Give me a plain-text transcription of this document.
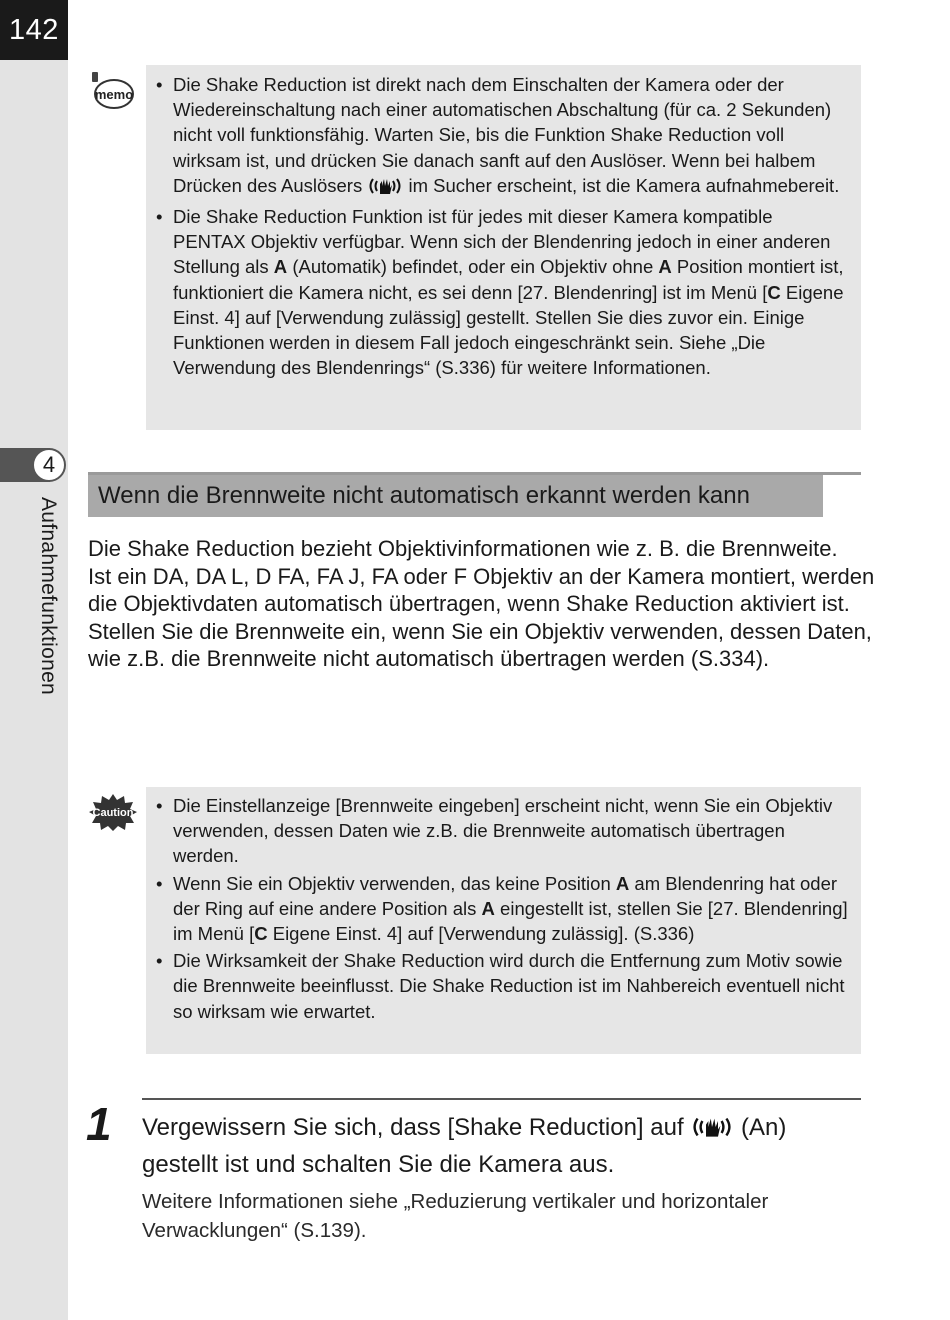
142
4
Aufnahmefunktionen
memo	• Die Shake Reduction ist direkt nach dem Einschalten der Kamera oder der Wiedereinschaltung nach einer automatischen Abschaltung (für ca. 2 Sekunden) nicht voll funktionsfähig. Warten Sie, bis die Funktion Shake Reduction voll wirksam ist, und drücken Sie danach sanft auf den Auslöser. Wenn bei halbem Drücken des Auslösers	im Sucher erscheint, ist die Kamera aufnahmebereit.
• Die Shake Reduction Funktion ist für jedes mit dieser Kamera kompatible PENTAX Objektiv verfügbar. Wenn sich der Blendenring jedoch in einer anderen Stellung als A (Automatik) befindet, oder ein Objektiv ohne A Position montiert ist, funktioniert die Kamera nicht, es sei denn [27. Blendenring] ist im Menü [C Eigene Einst. 4] auf [Verwendung zulässig] gestellt. Stellen Sie dies zuvor ein. Einige Funktionen werden in diesem Fall jedoch eingeschränkt sein. Siehe „Die Verwendung des Blendenrings“ (S.336) für weitere Informationen.
Wenn die Brennweite nicht automatisch erkannt werden kann

Die Shake Reduction bezieht Objektivinformationen wie z. B. die Brennweite.

Ist ein DA, DA L, D FA, FA J, FA oder F Objektiv an der Kamera montiert, werden die Objektivdaten automatisch übertragen, wenn Shake Reduction aktiviert ist.

Stellen Sie die Brennweite ein, wenn Sie ein Objektiv verwenden, dessen Daten, wie z.B. die Brennweite nicht automatisch übertragen werden (S.334).

Caution	• Die Einstellanzeige [Brennweite eingeben] erscheint nicht, wenn Sie ein Objektiv verwenden, dessen Daten wie z.B. die Brennweite automatisch übertragen werden.
• Wenn Sie ein Objektiv verwenden, das keine Position A am Blendenring hat oder der Ring auf eine andere Position als A eingestellt ist, stellen Sie [27. Blendenring] im Menü [C Eigene Einst. 4] auf [Verwendung zulässig]. (S.336)
• Die Wirksamkeit der Shake Reduction wird durch die Entfernung zum Motiv sowie die Brennweite beeinflusst. Die Shake Reduction ist im Nahbereich eventuell nicht so wirksam wie erwartet.
1 Vergewissern Sie sich, dass [Shake Reduction] auf (An) gestellt ist und schalten Sie die Kamera aus.
Weitere Informationen siehe „Reduzierung vertikaler und horizontaler Verwacklungen“ (S.139).
